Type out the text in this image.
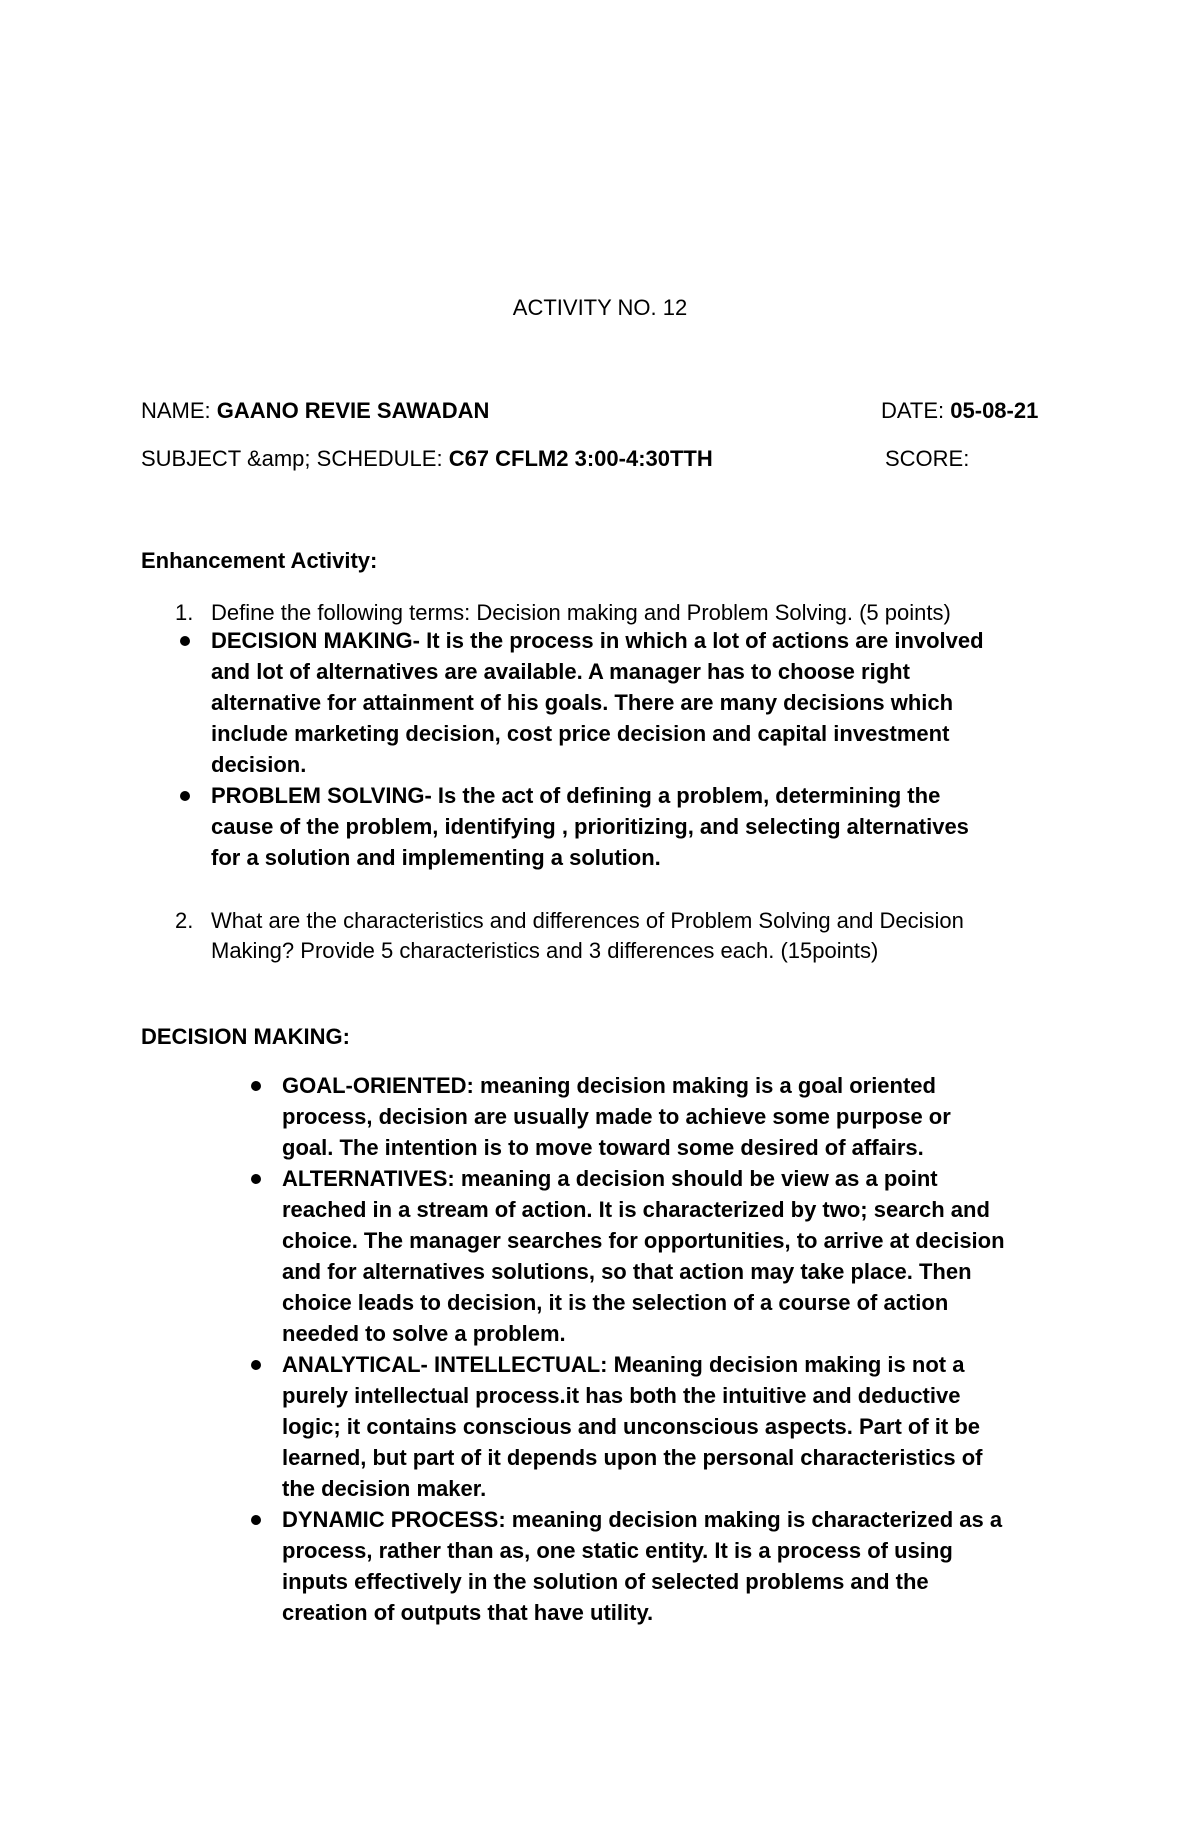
ACTIVITY NO. 12
NAME: GAANO REVIE SAWADAN	DATE: 05-08-21
SUBJECT &amp; SCHEDULE: C67 CFLM2 3:00-4:30TTH	SCORE:
Enhancement Activity:
1. Define the following terms: Decision making and Problem Solving. (5 points)
DECISION MAKING- It is the process in which a lot of actions are involved
and lot of alternatives are available. A manager has to choose right
alternative for attainment of his goals. There are many decisions which
include marketing decision, cost price decision and capital investment
decision.
PROBLEM SOLVING- Is the act of defining a problem, determining the
cause of the problem, identifying , prioritizing, and selecting alternatives
for a solution and implementing a solution.
2. What are the characteristics and differences of Problem Solving and Decision
Making? Provide 5 characteristics and 3 differences each. (15points)
DECISION MAKING:
GOAL-ORIENTED: meaning decision making is a goal oriented
process, decision are usually made to achieve some purpose or
goal. The intention is to move toward some desired of affairs.
ALTERNATIVES: meaning a decision should be view as a point
reached in a stream of action. It is characterized by two; search and
choice. The manager searches for opportunities, to arrive at decision
and for alternatives solutions, so that action may take place. Then
choice leads to decision, it is the selection of a course of action
needed to solve a problem.
ANALYTICAL- INTELLECTUAL: Meaning decision making is not a
purely intellectual process.it has both the intuitive and deductive
logic; it contains conscious and unconscious aspects. Part of it be
learned, but part of it depends upon the personal characteristics of
the decision maker.
DYNAMIC PROCESS: meaning decision making is characterized as a
process, rather than as, one static entity. It is a process of using
inputs effectively in the solution of selected problems and the
creation of outputs that have utility.
